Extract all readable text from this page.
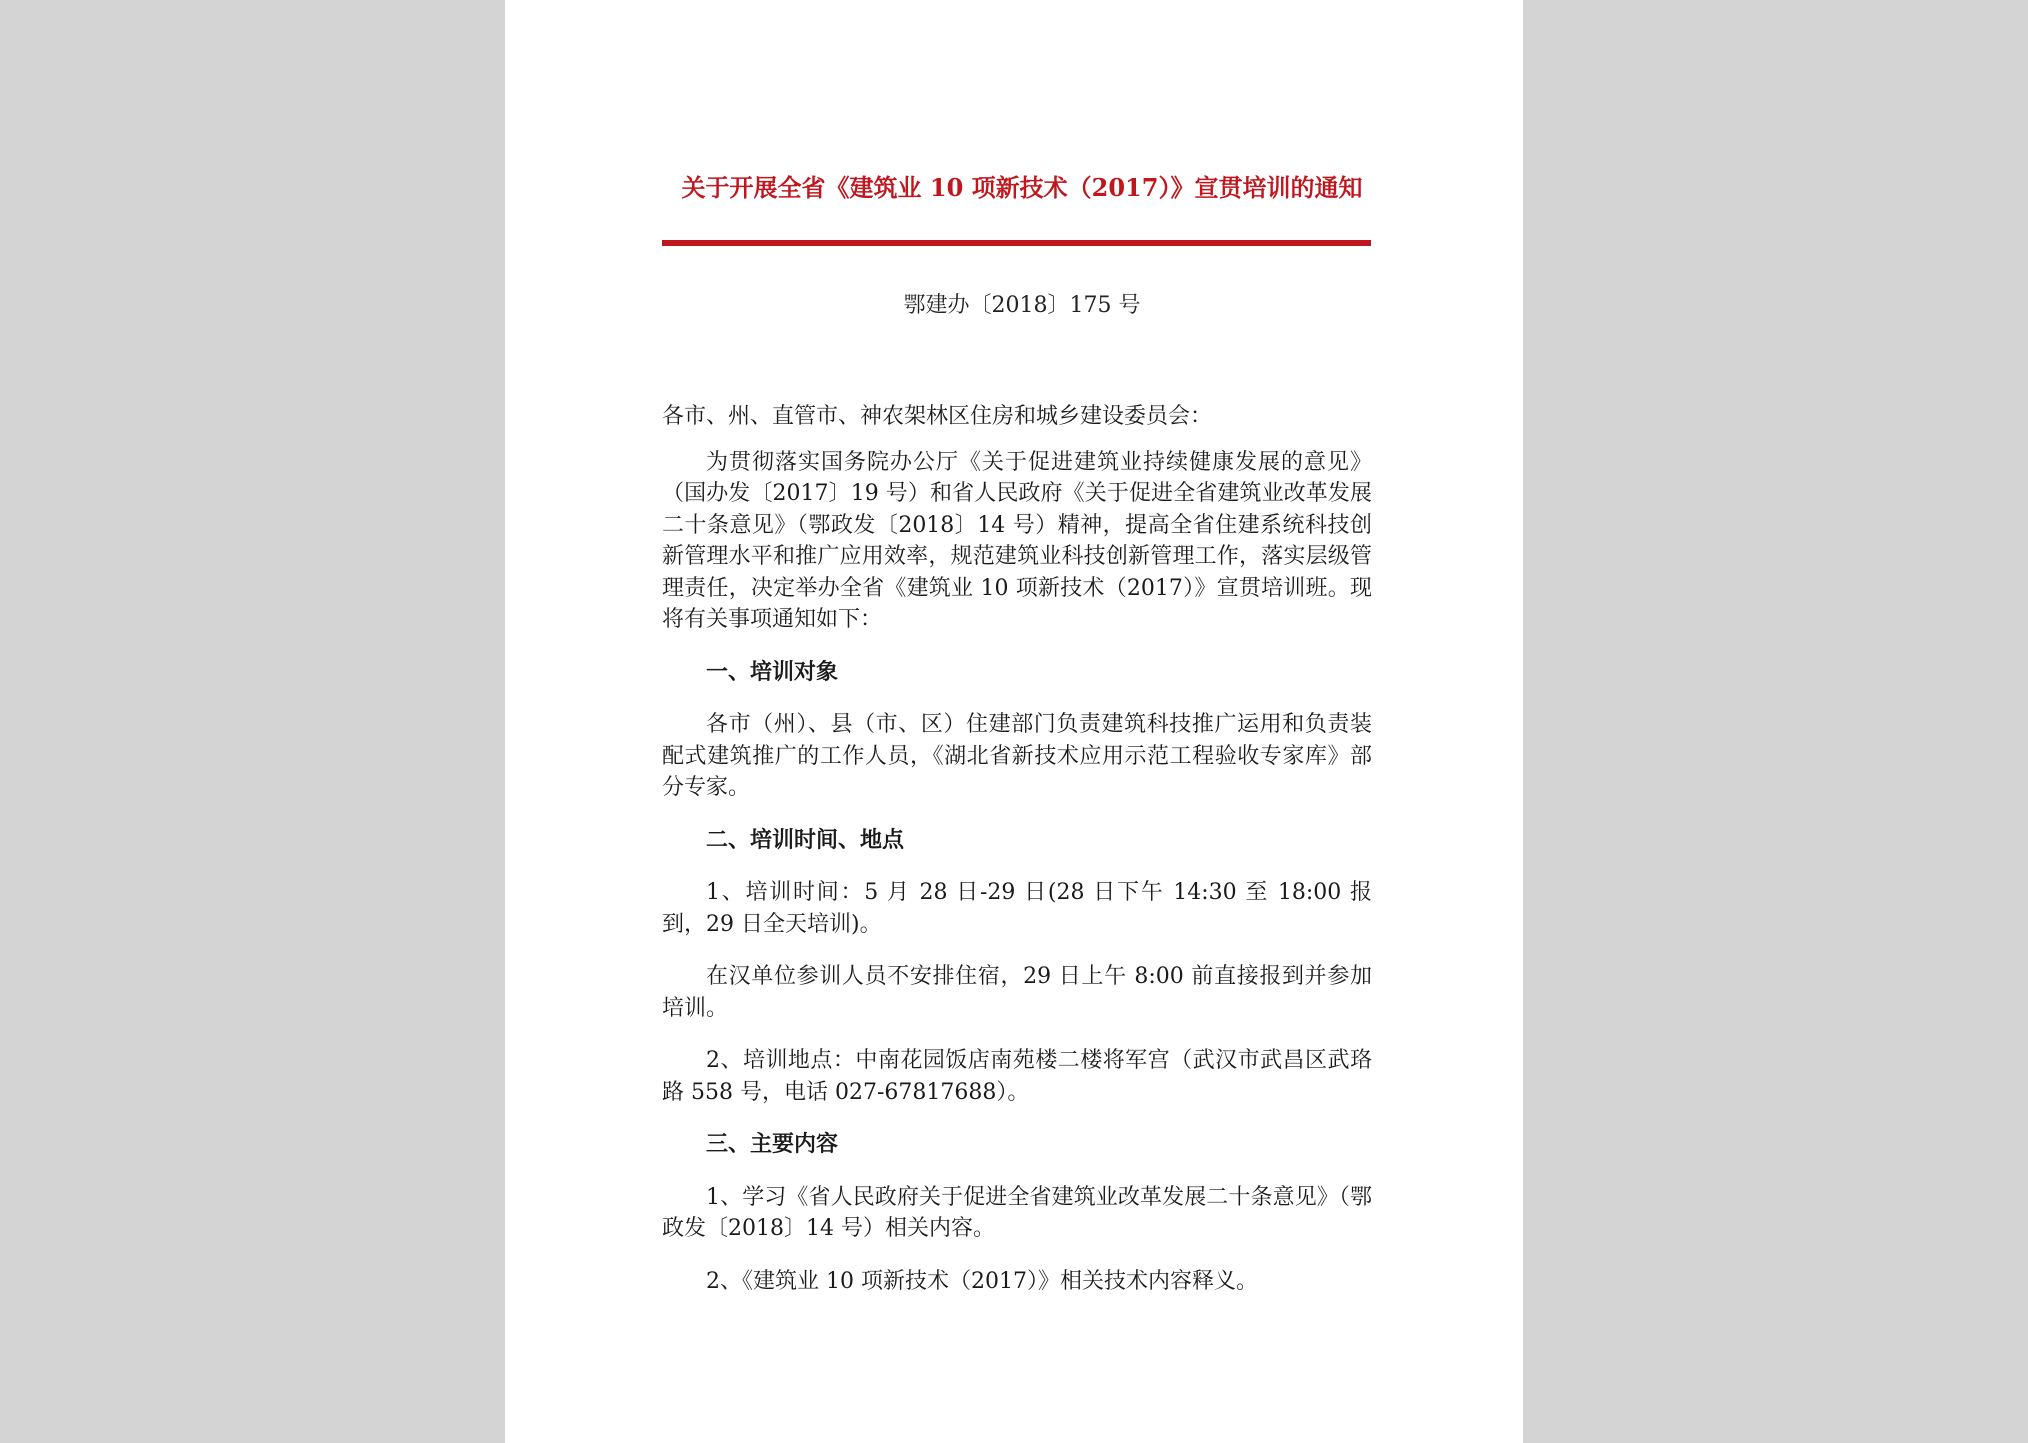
关于开展全省《建筑业 10 项新技术（2017）》宣贯培训的通知
鄂建办〔2018〕175 号

各市、州、直管市、神农架林区住房和城乡建设委员会：

为贯彻落实国务院办公厅《关于促进建筑业持续健康发展的意见》（国办发〔2017〕19 号）和省人民政府《关于促进全省建筑业改革发展二十条意见》（鄂政发〔2018〕14 号）精神，提高全省住建系统科技创新管理水平和推广应用效率，规范建筑业科技创新管理工作，落实层级管理责任，决定举办全省《建筑业 10 项新技术（2017）》宣贯培训班。现将有关事项通知如下：

一、培训对象

各市（州）、县（市、区）住建部门负责建筑科技推广运用和负责装配式建筑推广的工作人员，《湖北省新技术应用示范工程验收专家库》部分专家。

二、培训时间、地点

1、培训时间：5 月 28 日-29 日(28 日下午 14:30 至 18:00 报到，29 日全天培训)。

在汉单位参训人员不安排住宿，29 日上午 8:00 前直接报到并参加培训。

2、培训地点：中南花园饭店南苑楼二楼将军宫（武汉市武昌区武珞路 558 号，电话 027-67817688）。

三、主要内容

1、学习《省人民政府关于促进全省建筑业改革发展二十条意见》（鄂政发〔2018〕14 号）相关内容。

2、《建筑业 10 项新技术（2017）》相关技术内容释义。
